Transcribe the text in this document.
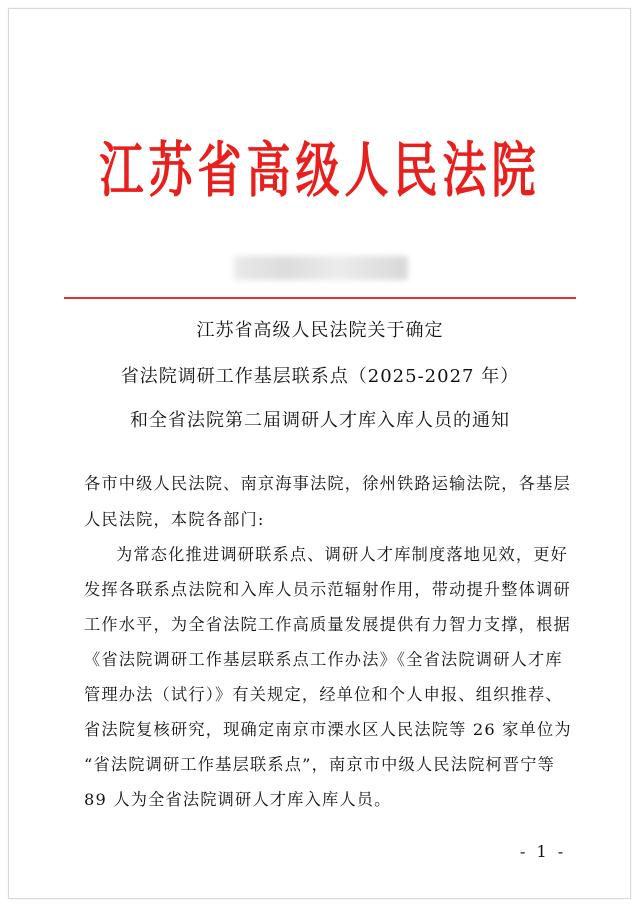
江苏省高级人民法院
江苏省高级人民法院关于确定
省法院调研工作基层联系点（2025-2027 年）
和全省法院第二届调研人才库入库人员的通知
各市中级人民法院、南京海事法院，徐州铁路运输法院，各基层
人民法院，本院各部门:
为常态化推进调研联系点、调研人才库制度落地见效，更好
发挥各联系点法院和入库人员示范辐射作用，带动提升整体调研
工作水平，为全省法院工作高质量发展提供有力智力支撑，根据
《省法院调研工作基层联系点工作办法》《全省法院调研人才库
管理办法（试行）》有关规定，经单位和个人申报、组织推荐、
省法院复核研究，现确定南京市溧水区人民法院等 26 家单位为
“省法院调研工作基层联系点”，南京市中级人民法院柯晋宁等
89 人为全省法院调研人才库入库人员。
- 1 -
